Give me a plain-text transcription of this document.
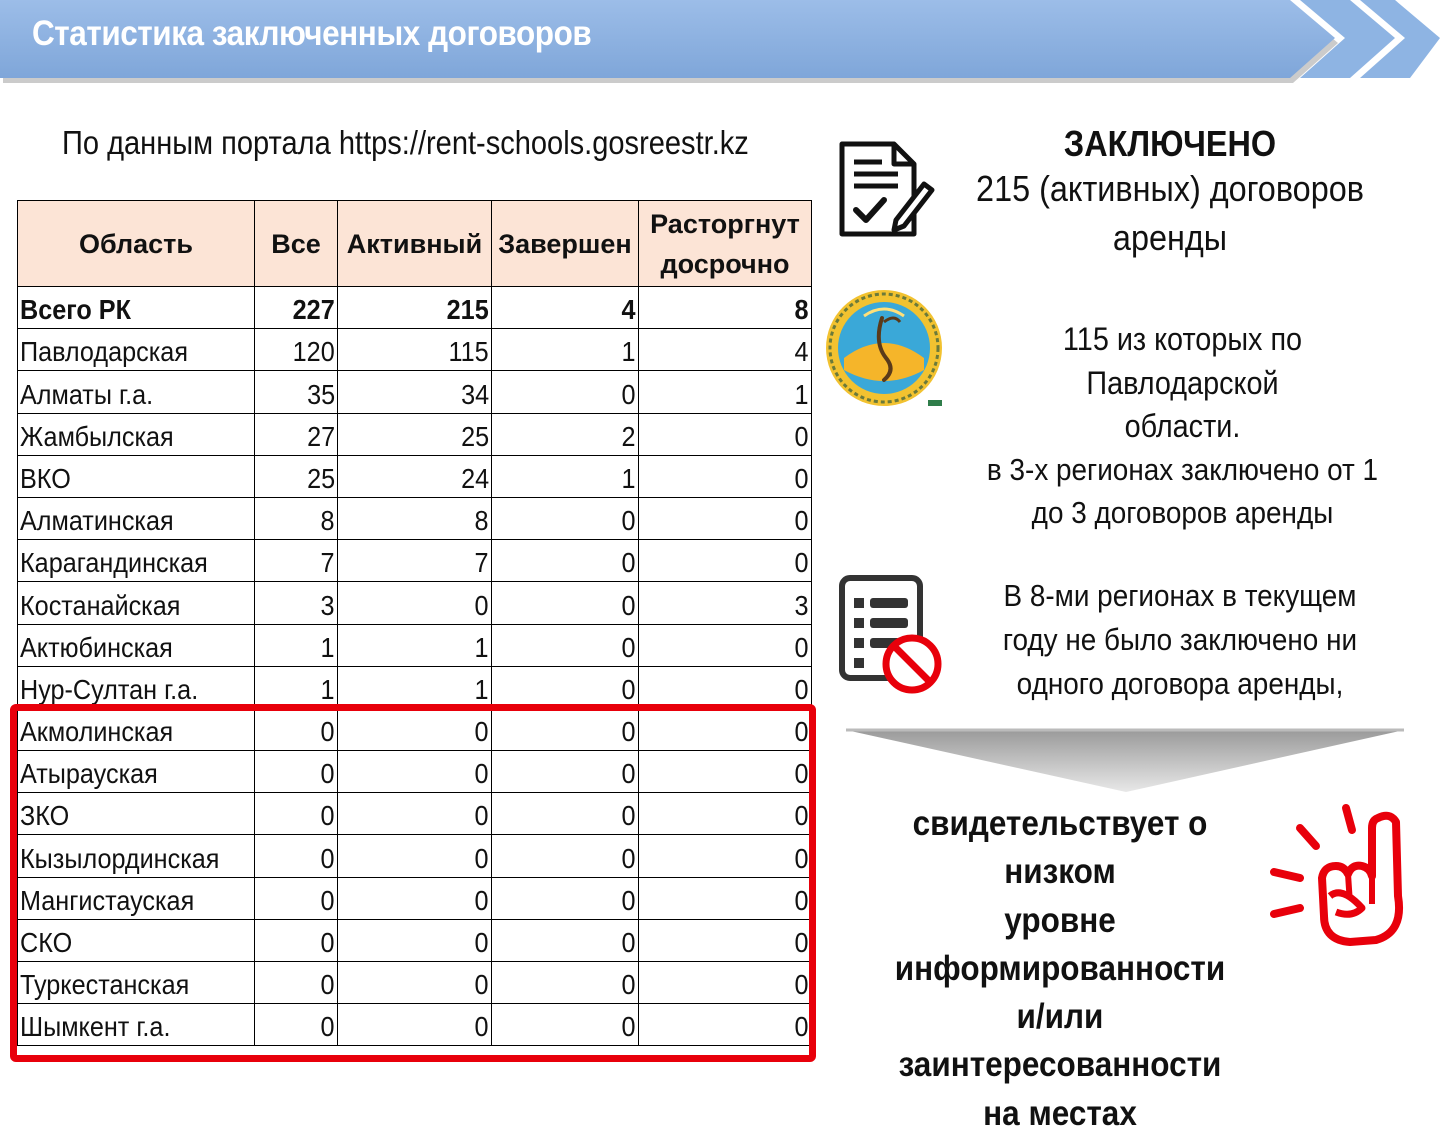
Статистика заключенных договоров
По данным портала https://rent-schools.gosreestr.kz
Область	Все	Активный	Завершен	Расторгнут досрочно
Всего РК	227	215	4	8
Павлодарская	120	115	1	4
Алматы г.а.	35	34	0	1
Жамбылская	27	25	2	0
ВКО	25	24	1	0
Алматинская	8	8	0	0
Карагандинская	7	7	0	0
Костанайская	3	0	0	3
Актюбинская	1	1	0	0
Нур-Султан г.а.	1	1	0	0
Акмолинская	0	0	0	0
Атырауская	0	0	0	0
ЗКО	0	0	0	0
Кызылординская	0	0	0	0
Мангистауская	0	0	0	0
СКО	0	0	0	0
Туркестанская	0	0	0	0
Шымкент г.а.	0	0	0	0
ЗАКЛЮЧЕНО
215 (активных) договоров
аренды
115 из которых по Павлодарской
области.
в 3-х регионах заключено от 1
до 3 договоров аренды
В 8-ми регионах в текущем
году не было заключено ни
одного договора аренды,
свидетельствует о низком
уровне
информированности
и/или заинтересованности
на местах
